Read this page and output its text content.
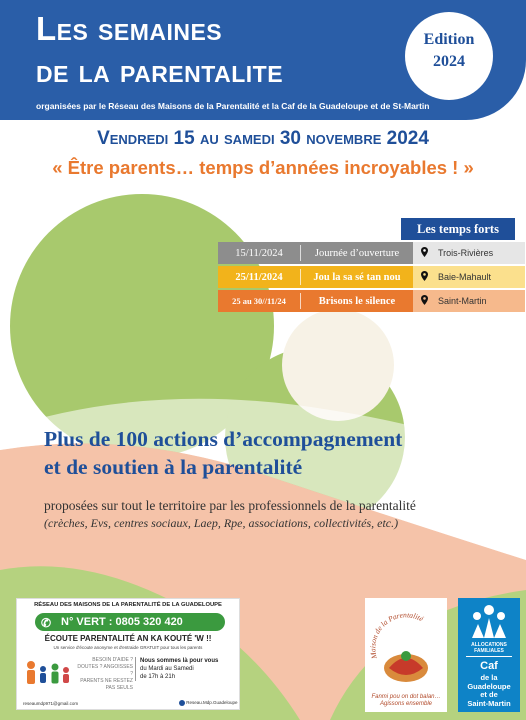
Les semaines
de la parentalite
organisées par le Réseau des Maisons de la Parentalité et la Caf de la Guadeloupe et de St-Martin
Edition
2024
Vendredi 15 au samedi 30 novembre 2024
« Être parents… temps d’années incroyables ! »
Les temps forts
15/11/2024	Journée d’ouverture	Trois-Rivières
25/11/2024	Jou la sa sé tan nou	Baie-Mahault
25 au 30//11/24	Brisons le silence	Saint-Martin
Plus de 100 actions d’accompagnement
et de soutien à la parentalité
proposées sur tout le territoire par les professionnels de la parentalité
(crèches, Evs, centres sociaux, Laep, Rpe, associations, collectivités, etc.)
RÉSEAU DES MAISONS DE LA PARENTALITÉ DE LA GUADELOUPE
✆ N° VERT : 0805 320 420
ÉCOUTE PARENTALITÉ AN KA KOUTÉ 'W !!
Un service d'écoute anonyme et d'entraide GRATUIT pour tous les parents
BESOIN D'AIDE ?
DOUTES ? ANGOISSES ?
PARENTS NE RESTEZ PAS SEULS
Nous sommes là pour vous
du Mardi au Samedi
de 17h à 21h
reseaumdp971@gmail.com	Reseau.Mdp.Guadeloupe
Maison de la Parentalité
Fanmi pou on dot balan…
Agissons ensemble
ALLOCATIONS
FAMILIALES
Caf
de la
Guadeloupe
et de
Saint-Martin
